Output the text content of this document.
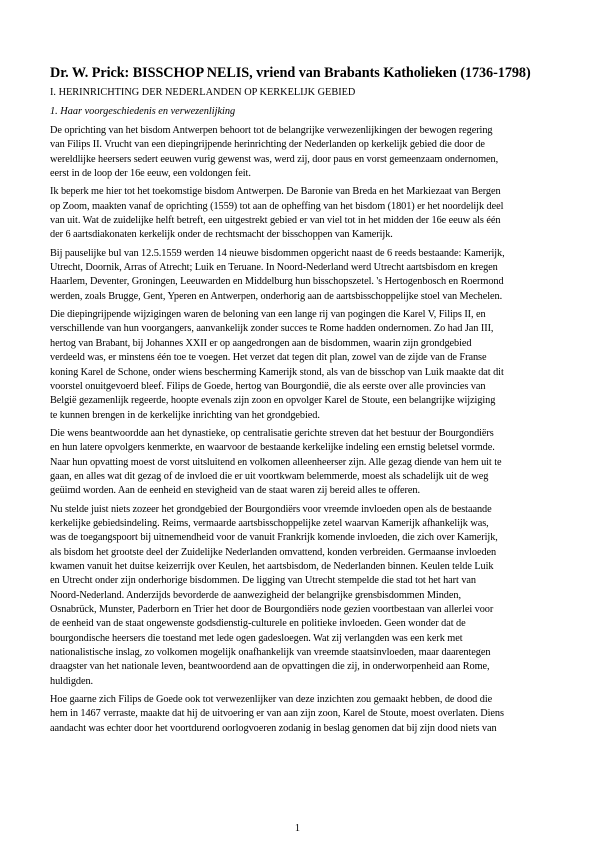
Dr. W. Prick: BISSCHOP NELIS, vriend van Brabants Katholieken (1736-1798)
I. HERINRICHTING DER NEDERLANDEN OP KERKELIJK GEBIED
1. Haar voorgeschiedenis en verwezenlijking
De oprichting van het bisdom Antwerpen behoort tot de belangrijke verwezenlijkingen der bewogen regering
van Filips II. Vrucht van een diepingrijpende herinrichting der Nederlanden op kerkelijk gebied die door de
wereldlijke heersers sedert eeuwen vurig gewenst was, werd zij, door paus en vorst gemeenzaam ondernomen,
eerst in de loop der 16e eeuw, een voldongen feit.
Ik beperk me hier tot het toekomstige bisdom Antwerpen. De Baronie van Breda en het Markiezaat van Bergen
op Zoom, maakten vanaf de oprichting (1559) tot aan de opheffing van het bisdom (1801) er het noordelijk deel
van uit. Wat de zuidelijke helft betreft, een uitgestrekt gebied er van viel tot in het midden der 16e eeuw als één
der 6 aartsdiakonaten kerkelijk onder de rechtsmacht der bisschoppen van Kamerijk.
Bij pauselijke bul van 12.5.1559 werden 14 nieuwe bisdommen opgericht naast de 6 reeds bestaande: Kamerijk,
Utrecht, Doornik, Arras of Atrecht; Luik en Teruane. In Noord-Nederland werd Utrecht aartsbisdom en kregen
Haarlem, Deventer, Groningen, Leeuwarden en Middelburg hun bisschopszetel. 's Hertogenbosch en Roermond
werden, zoals Brugge, Gent, Yperen en Antwerpen, onderhorig aan de aartsbisschoppelijke stoel van Mechelen.
Die diepingrijpende wijzigingen waren de beloning van een lange rij van pogingen die Karel V, Filips II, en
verschillende van hun voorgangers, aanvankelijk zonder succes te Rome hadden ondernomen. Zo had Jan III,
hertog van Brabant, bij Johannes XXII er op aangedrongen aan de bisdommen, waarin zijn grondgebied
verdeeld was, er minstens één toe te voegen. Het verzet dat tegen dit plan, zowel van de zijde van de Franse
koning Karel de Schone, onder wiens bescherming Kamerijk stond, als van de bisschop van Luik maakte dat dit
voorstel onuitgevoerd bleef. Filips de Goede, hertog van Bourgondië, die als eerste over alle provincies van
België gezamenlijk regeerde, hoopte evenals zijn zoon en opvolger Karel de Stoute, een belangrijke wijziging
te kunnen brengen in de kerkelijke inrichting van het grondgebied.
Die wens beantwoordde aan het dynastieke, op centralisatie gerichte streven dat het bestuur der Bourgondiërs
en hun latere opvolgers kenmerkte, en waarvoor de bestaande kerkelijke indeling een ernstig beletsel vormde.
Naar hun opvatting moest de vorst uitsluitend en volkomen alleenheerser zijn. Alle gezag diende van hem uit te
gaan, en alles wat dit gezag of de invloed die er uit voortkwam belemmerde, moest als schadelijk uit de weg
geüimd worden. Aan de eenheid en stevigheid van de staat waren zij bereid alles te offeren.
Nu stelde juist niets zozeer het grondgebied der Bourgondiërs voor vreemde invloeden open als de bestaande
kerkelijke gebiedsindeling. Reims, vermaarde aartsbisschoppelijke zetel waarvan Kamerijk afhankelijk was,
was de toegangspoort bij uitnemendheid voor de vanuit Frankrijk komende invloeden, die zich over Kamerijk,
als bisdom het grootste deel der Zuidelijke Nederlanden omvattend, konden verbreiden. Germaanse invloeden
kwamen vanuit het duitse keizerrijk over Keulen, het aartsbisdom, de Nederlanden binnen. Keulen telde Luik
en Utrecht onder zijn onderhorige bisdommen. De ligging van Utrecht stempelde die stad tot het hart van
Noord-Nederland. Anderzijds bevorderde de aanwezigheid der belangrijke grensbisdommen Minden,
Osnabrück, Munster, Paderborn en Trier het door de Bourgondiërs node gezien voortbestaan van allerlei voor
de eenheid van de staat ongewenste godsdienstig-culturele en politieke invloeden. Geen wonder dat de
bourgondische heersers die toestand met lede ogen gadesloegen. Wat zij verlangden was een kerk met
nationalistische inslag, zo volkomen mogelijk onafhankelijk van vreemde staatsinvloeden, maar daarentegen
draagster van het nationale leven, beantwoordend aan de opvattingen die zij, in onderworpenheid aan Rome,
huldigden.
Hoe gaarne zich Filips de Goede ook tot verwezenlijker van deze inzichten zou gemaakt hebben, de dood die
hem in 1467 verraste, maakte dat hij de uitvoering er van aan zijn zoon, Karel de Stoute, moest overlaten. Diens
aandacht was echter door het voortdurend oorlogvoeren zodanig in beslag genomen dat bij zijn dood niets van
1
